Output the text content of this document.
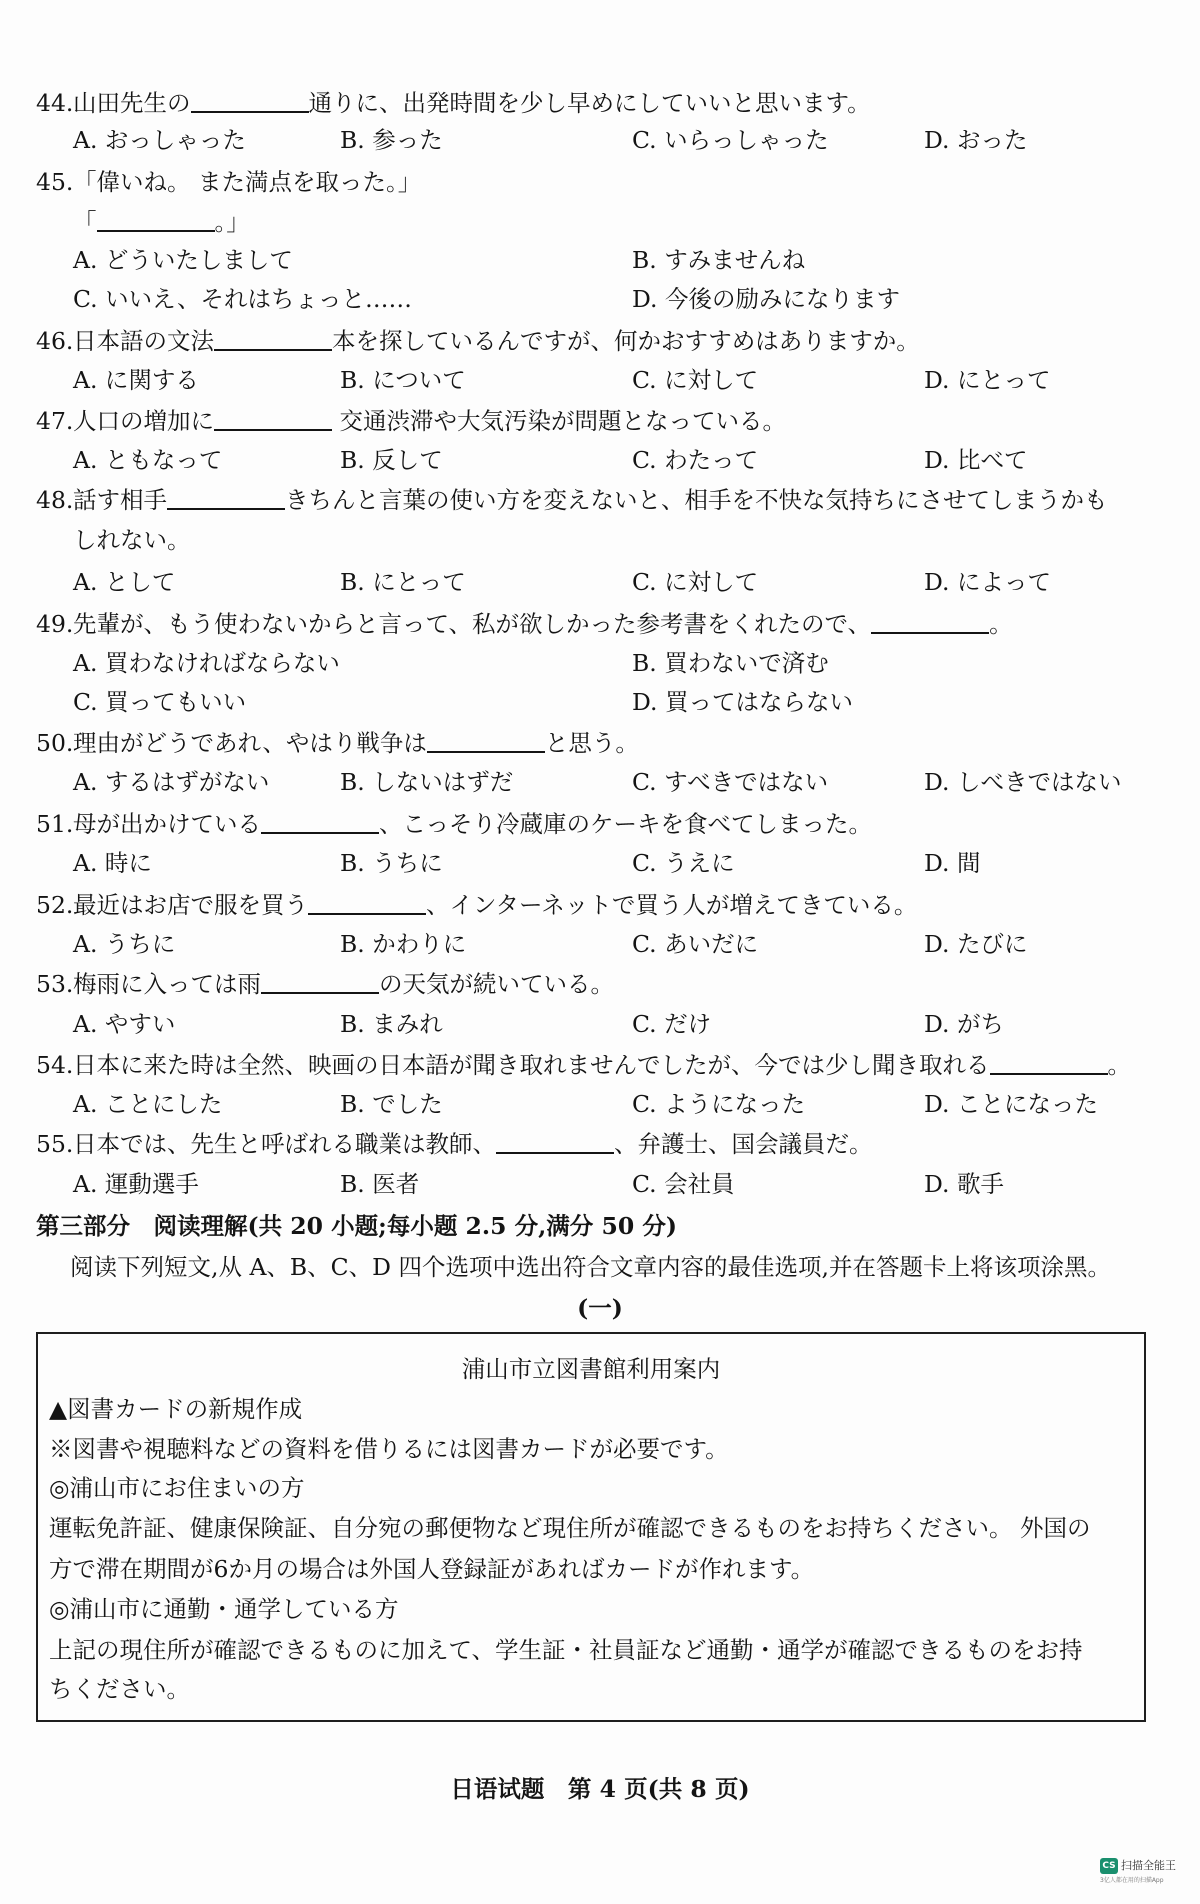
44.山田先生の	通りに、出発時間を少し早めにしていいと思います。
A. おっしゃった	B. 参った	C. いらっしゃった	D. おった
45.「偉いね。 また満点を取った。」
「	。」
A. どういたしまして	B. すみませんね
C. いいえ、それはちょっと……	D. 今後の励みになります
46.日本語の文法	本を探しているんですが、何かおすすめはありますか。
A. に関する	B. について	C. に対して	D. にとって
47.人口の増加に	交通渋滞や大気汚染が問題となっている。
A. ともなって	B. 反して	C. わたって	D. 比べて
48.話す相手	きちんと言葉の使い方を変えないと、相手を不快な気持ちにさせてしまうかも
しれない。
A. として	B. にとって	C. に対して	D. によって
49.先輩が、もう使わないからと言って、私が欲しかった参考書をくれたので、	。
A. 買わなければならない	B. 買わないで済む
C. 買ってもいい	D. 買ってはならない
50.理由がどうであれ、やはり戦争は	と思う。
A. するはずがない	B. しないはずだ	C. すべきではない	D. しべきではない
51.母が出かけている	、こっそり冷蔵庫のケーキを食べてしまった。
A. 時に	B. うちに	C. うえに	D. 間
52.最近はお店で服を買う	、インターネットで買う人が増えてきている。
A. うちに	B. かわりに	C. あいだに	D. たびに
53.梅雨に入っては雨	の天気が続いている。
A. やすい	B. まみれ	C. だけ	D. がち
54.日本に来た時は全然、映画の日本語が聞き取れませんでしたが、今では少し聞き取れる	。
A. ことにした	B. でした	C. ようになった	D. ことになった
55.日本では、先生と呼ばれる職業は教師、	、弁護士、国会議員だ。
A. 運動選手	B. 医者	C. 会社員	D. 歌手
第三部分　阅读理解(共 20 小题;每小题 2.5 分,满分 50 分)
阅读下列短文,从 A、B、C、D 四个选项中选出符合文章内容的最佳选项,并在答题卡上将该项涂黑。
(一)
浦山市立図書館利用案内
▲図書カードの新規作成
※図書や視聴料などの資料を借りるには図書カードが必要です。
◎浦山市にお住まいの方
運転免許証、健康保険証、自分宛の郵便物など現住所が確認できるものをお持ちください。 外国の
方で滞在期間が6か月の場合は外国人登録証があればカードが作れます。
◎浦山市に通勤・通学している方
上記の現住所が確認できるものに加えて、学生証・社員証など通勤・通学が確認できるものをお持
ちください。
日语试题　第 4 页(共 8 页)
CS 扫描全能王
3亿人都在用的扫描App
